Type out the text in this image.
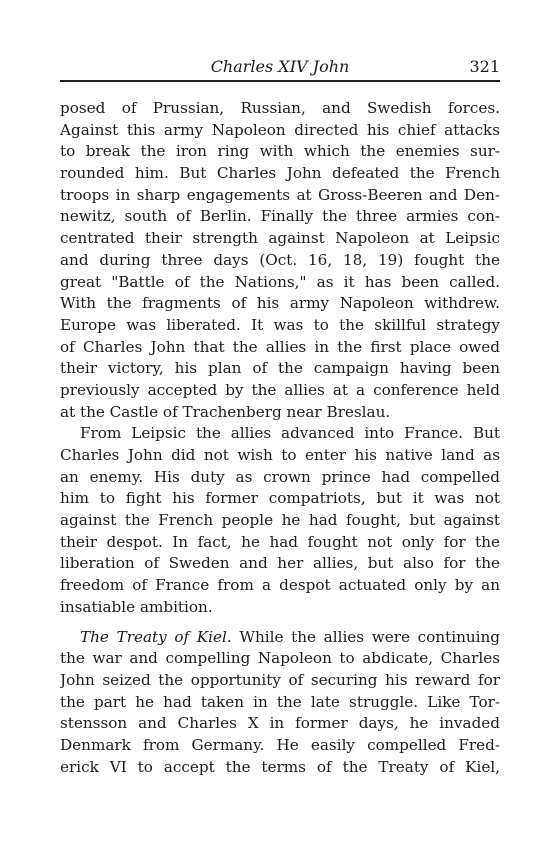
Charles XIV John	321
posed of Prussian, Russian, and Swedish forces.
Against this army Napoleon directed his chief attacks
to break the iron ring with which the enemies sur-
rounded him. But Charles John defeated the French
troops in sharp engagements at Gross-Beeren and Den-
newitz, south of Berlin. Finally the three armies con-
centrated their strength against Napoleon at Leipsic
and during three days (Oct. 16, 18, 19) fought the
great "Battle of the Nations," as it has been called.
With the fragments of his army Napoleon withdrew.
Europe was liberated. It was to the skillful strategy
of Charles John that the allies in the first place owed
their victory, his plan of the campaign having been
previously accepted by the allies at a conference held
at the Castle of Trachenberg near Breslau.
From Leipsic the allies advanced into France. But
Charles John did not wish to enter his native land as
an enemy. His duty as crown prince had compelled
him to fight his former compatriots, but it was not
against the French people he had fought, but against
their despot. In fact, he had fought not only for the
liberation of Sweden and her allies, but also for the
freedom of France from a despot actuated only by an
insatiable ambition.
The Treaty of Kiel. While the allies were continuing
the war and compelling Napoleon to abdicate, Charles
John seized the opportunity of securing his reward for
the part he had taken in the late struggle. Like Tor-
stensson and Charles X in former days, he invaded
Denmark from Germany. He easily compelled Fred-
erick VI to accept the terms of the Treaty of Kiel,
